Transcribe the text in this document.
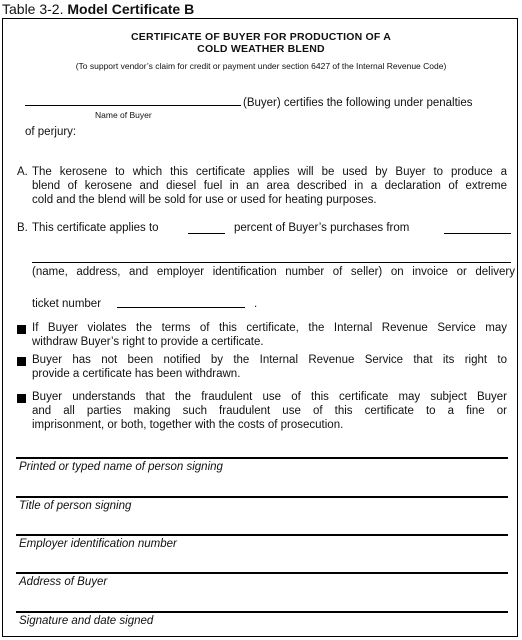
Table 3-2. Model Certificate B
CERTIFICATE OF BUYER FOR PRODUCTION OF A
COLD WEATHER BLEND
(To support vendor’s claim for credit or payment under section 6427 of the Internal Revenue Code)
Name of Buyer
(Buyer) certifies the following under penalties
of perjury:
A. The kerosene to which this certificate applies will be used by Buyer to produce a
blend of kerosene and diesel fuel in an area described in a declaration of extreme
cold and the blend will be sold for use or used for heating purposes.
B. This certificate applies to	percent of Buyer’s purchases from
(name, address, and employer identification number of seller) on invoice or delivery
ticket number	.
If Buyer violates the terms of this certificate, the Internal Revenue Service may
withdraw Buyer’s right to provide a certificate.
Buyer has not been notified by the Internal Revenue Service that its right to
provide a certificate has been withdrawn.
Buyer understands that the fraudulent use of this certificate may subject Buyer
and all parties making such fraudulent use of this certificate to a fine or
imprisonment, or both, together with the costs of prosecution.
Printed or typed name of person signing
Title of person signing
Employer identification number
Address of Buyer
Signature and date signed
